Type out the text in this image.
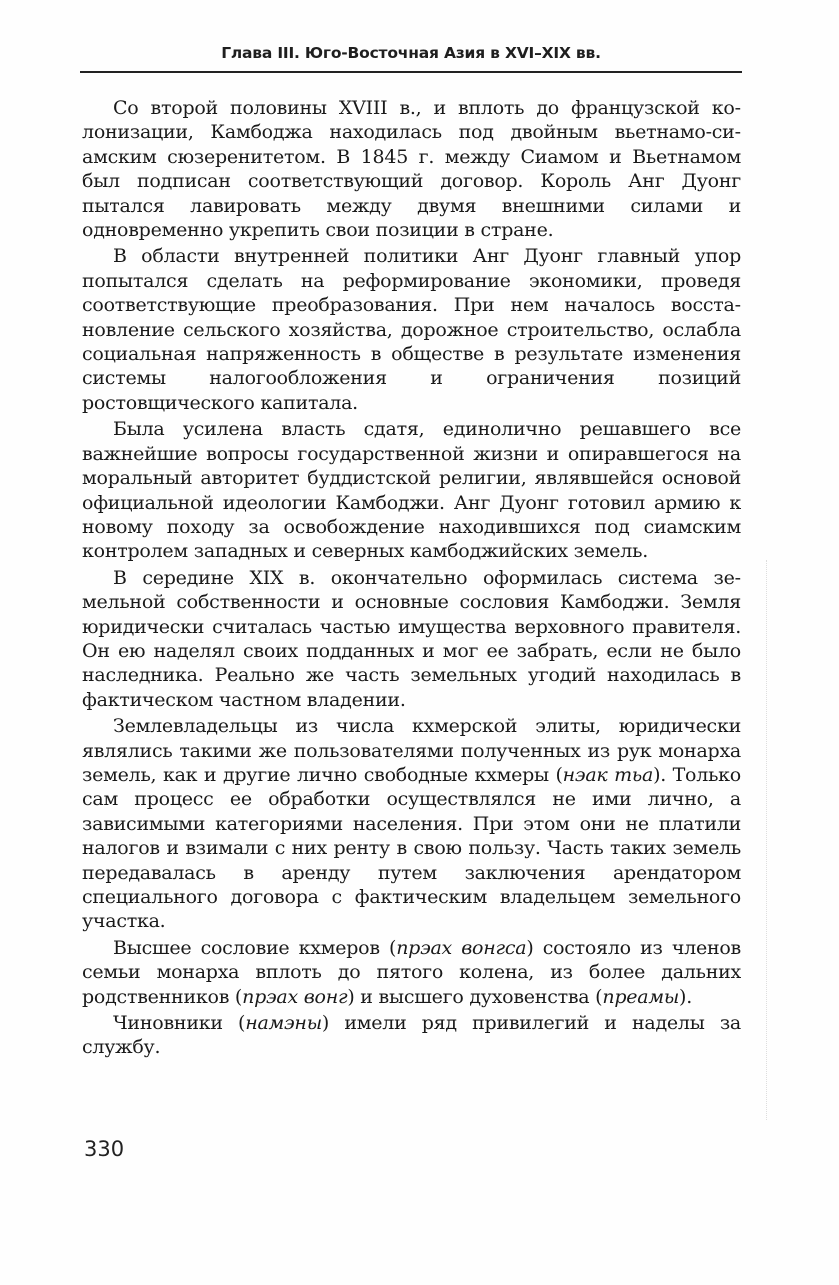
Глава III. Юго-Восточная Азия в XVI–XIX вв.

Со второй половины XVIII в., и вплоть до французской колонизации, Камбоджа находилась под двойным вьетнамо-сиамским сюзеренитетом. В 1845 г. между Сиамом и Вьетнамом был подписан соответствующий договор. Король Анг Дуонг пытался лавировать между двумя внешними силами и одновременно укрепить свои позиции в стране.

В области внутренней политики Анг Дуонг главный упор попытался сделать на реформирование экономики, проведя соответствующие преобразования. При нем началось восстановление сельского хозяйства, дорожное строительство, ослабла социальная напряженность в обществе в результате изменения системы налогообложения и ограничения позиций ростовщического капитала.

Была усилена власть сдатя, единолично решавшего все важнейшие вопросы государственной жизни и опиравшегося на моральный авторитет буддистской религии, являвшейся основой официальной идеологии Камбоджи. Анг Дуонг готовил армию к новому походу за освобождение находившихся под сиамским контролем западных и северных камбоджийских земель.

В середине XIX в. окончательно оформилась система земельной собственности и основные сословия Камбоджи. Земля юридически считалась частью имущества верховного правителя. Он ею наделял своих подданных и мог ее забрать, если не было наследника. Реально же часть земельных угодий находилась в фактическом частном владении.

Землевладельцы из числа кхмерской элиты, юридически являлись такими же пользователями полученных из рук монарха земель, как и другие лично свободные кхмеры (нэак тьа). Только сам процесс ее обработки осуществлялся не ими лично, а зависимыми категориями населения. При этом они не платили налогов и взимали с них ренту в свою пользу. Часть таких земель передавалась в аренду путем заключения арендатором специального договора с фактическим владельцем земельного участка.

Высшее сословие кхмеров (прэах вонгса) состояло из членов семьи монарха вплоть до пятого колена, из более дальних родственников (прэах вонг) и высшего духовенства (преамы).

Чиновники (намэны) имели ряд привилегий и наделы за службу.

330
